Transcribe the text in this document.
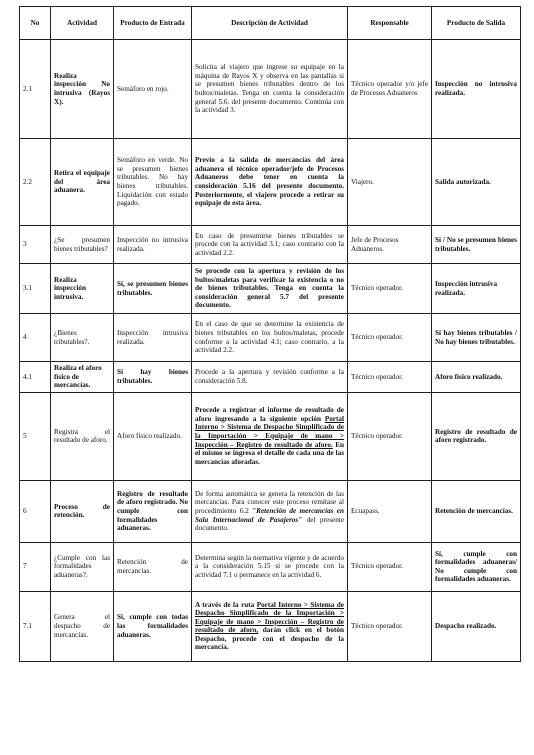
No	Actividad	Producto de Entrada	Descripción de Actividad	Responsable	Producto de Salida
2.1	Realiza inspección No intrusiva (Rayos X).	Semáforo en rojo.	Solicita al viajero que ingrese su equipaje en la máquina de Rayos X y observa en las pantallas si se presumen bienes tributables dentro de los bultos/maletas. Tenga en cuenta la consideración general 5.6. del presente documento. Continúa con la actividad 3.	Técnico operador y/o jefe de Procesos Aduaneros	Inspección no intrusiva realizada.
2.2	Retira el equipaje del área aduanera.	Semáforo en verde. No se presumen bienes tributables. No hay bienes tributables. Liquidación con estado pagado.	Previo a la salida de mercancías del área aduanera el técnico operador/jefe de Procesos Aduaneros debe tener en cuenta la consideración 5.16 del presente documento. Posteriormente, el viajero procede a retirar su equipaje de esta área.	Viajero.	Salida autorizada.
3	¿Se presumen bienes tributables?	Inspección no intrusiva realizada.	En caso de presumirse bienes tributables se procede con la actividad 3.1; caso contrario con la actividad 2.2.	Jefe de Procesos Aduaneros.	Sí / No se presumen bienes tributables.
3.1	Realiza inspección intrusiva.	Sí, se presumen bienes tributables.	Se procede con la apertura y revisión de los bultos/maletas para verificar la existencia o no de bienes tributables. Tenga en cuenta la consideración general 5.7 del presente documento.	Técnico operador.	Inspección intrusiva realizada.
4	¿Bienes tributables?.	Inspección intrusiva realizada.	En el caso de que se determine la existencia de bienes tributables en los bultos/maletas, procede conforme a la actividad 4.1; caso contrario, a la actividad 2.2.	Técnico operador.	Sí hay bienes tributables / No hay bienes tributables.
4.1	Realiza el aforo físico de mercancías.	Sí hay bienes tributables.	Procede a la apertura y revisión conforme a la consideración 5.8.	Técnico operador.	Aforo físico realizado.
5	Registra el resultado de aforo.	Aforo físico realizado.	Procede a registrar el informe de resultado de aforo ingresando a la siguiente opción Portal Interno > Sistema de Despacho Simplificado de la Importación > Equipaje de mano > Inspección – Registro de resultado de aforo. En el mismo se ingresa el detalle de cada una de las mercancías aforadas.	Técnico operador.	Registro de resultado de aforo registrado.
6	Proceso de retención.	Registro de resultado de aforo registrado. No cumple con formalidades aduaneras.	De forma automática se genera la retención de las mercancías. Para conocer este proceso remítase al procedimiento 6.2 "Retención de mercancías en Sala Internacional de Pasajeros" del presente documento.	Ecuapass.	Retención de mercancías.
7	¿Cumple con las formalidades aduaneras?.	Retención de mercancías.	Determina según la normativa vigente y de acuerdo a la consideración 5.15 si se procede con la actividad 7.1 o permanece en la actividad 6.	Técnico operador.	Sí, cumple con formalidades aduaneras/ No cumple con formalidades aduaneras.
7.1	Genera el despacho de mercancías.	Sí, cumple con todas las formalidades aduaneras.	A través de la ruta Portal Interno > Sistema de Despacho Simplificado de la Importación > Equipaje de mano > Inspección – Registro de resultado de aforo, darán click en el botón Despacho, procede con el despacho de la mercancía.	Técnico operador.	Despacho realizado.
